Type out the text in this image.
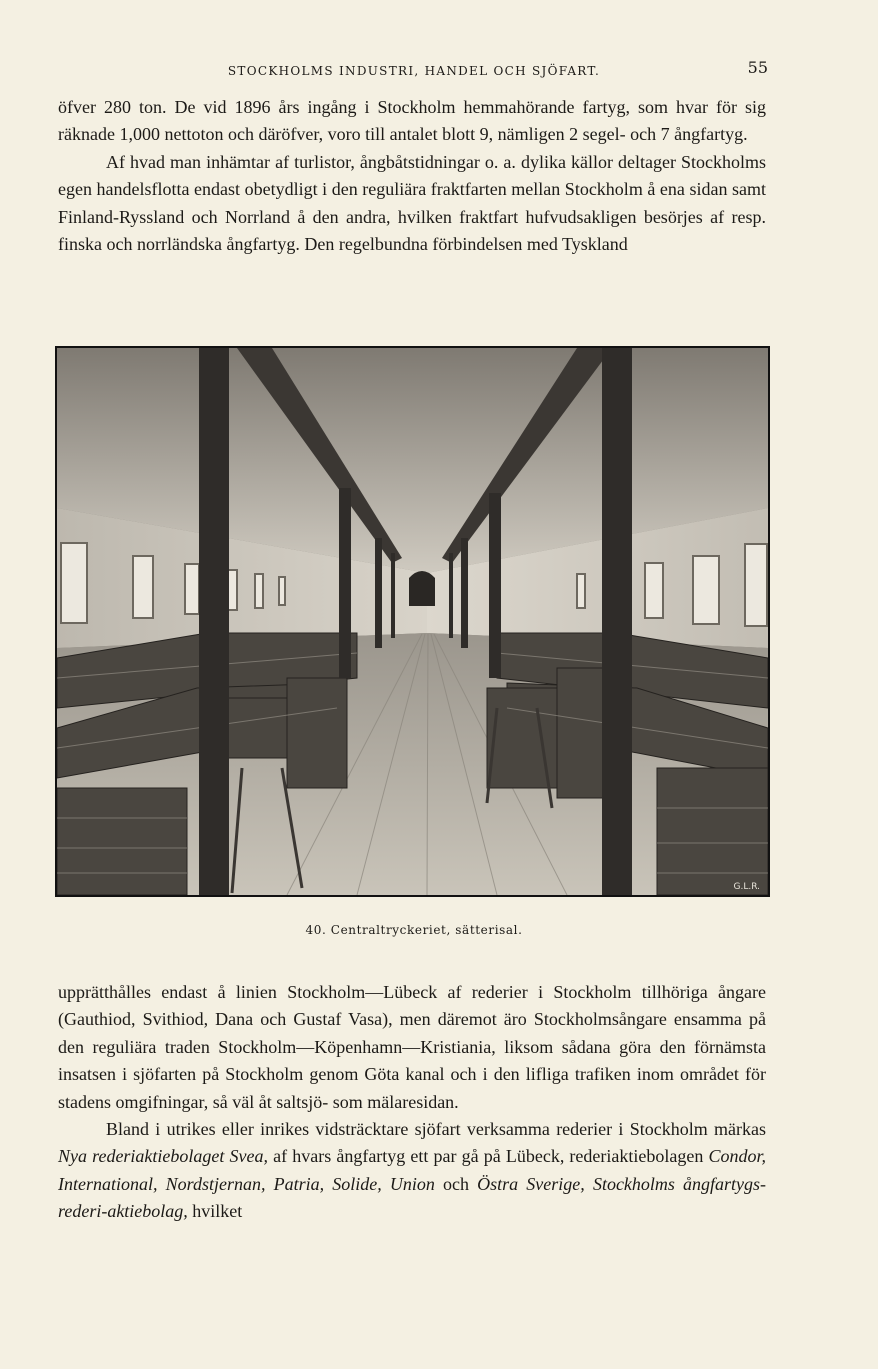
STOCKHOLMS INDUSTRI, HANDEL OCH SJÖFART.	55

öfver 280 ton. De vid 1896 års ingång i Stockholm hemmahörande fartyg, som hvar för sig räknade 1,000 nettoton och däröfver, voro till antalet blott 9, nämligen 2 segel- och 7 ångfartyg.

Af hvad man inhämtar af turlistor, ångbåtstidningar o. a. dylika källor deltager Stockholms egen handelsflotta endast obetydligt i den reguliära fraktfarten mellan Stockholm å ena sidan samt Finland-Ryssland och Norrland å den andra, hvilken fraktfart hufvudsakligen besörjes af resp. finska och norrländska ångfartyg. Den regelbundna förbindelsen med Tyskland

G.L.R.
40. Centraltryckeriet, sätterisal.

upprätthålles endast å linien Stockholm—Lübeck af rederier i Stockholm tillhöriga ångare (Gauthiod, Svithiod, Dana och Gustaf Vasa), men däremot äro Stockholmsångare ensamma på den reguliära traden Stockholm—Köpenhamn—Kristiania, liksom sådana göra den förnämsta insatsen i sjöfarten på Stockholm genom Göta kanal och i den lifliga trafiken inom området för stadens omgifningar, så väl åt saltsjö- som mälaresidan.

Bland i utrikes eller inrikes vidsträcktare sjöfart verksamma rederier i Stockholm märkas Nya rederiaktiebolaget Svea, af hvars ångfartyg ett par gå på Lübeck, rederiaktiebolagen Condor, International, Nordstjernan, Patria, Solide, Union och Östra Sverige, Stockholms ångfartygs-rederi-aktiebolag, hvilket
